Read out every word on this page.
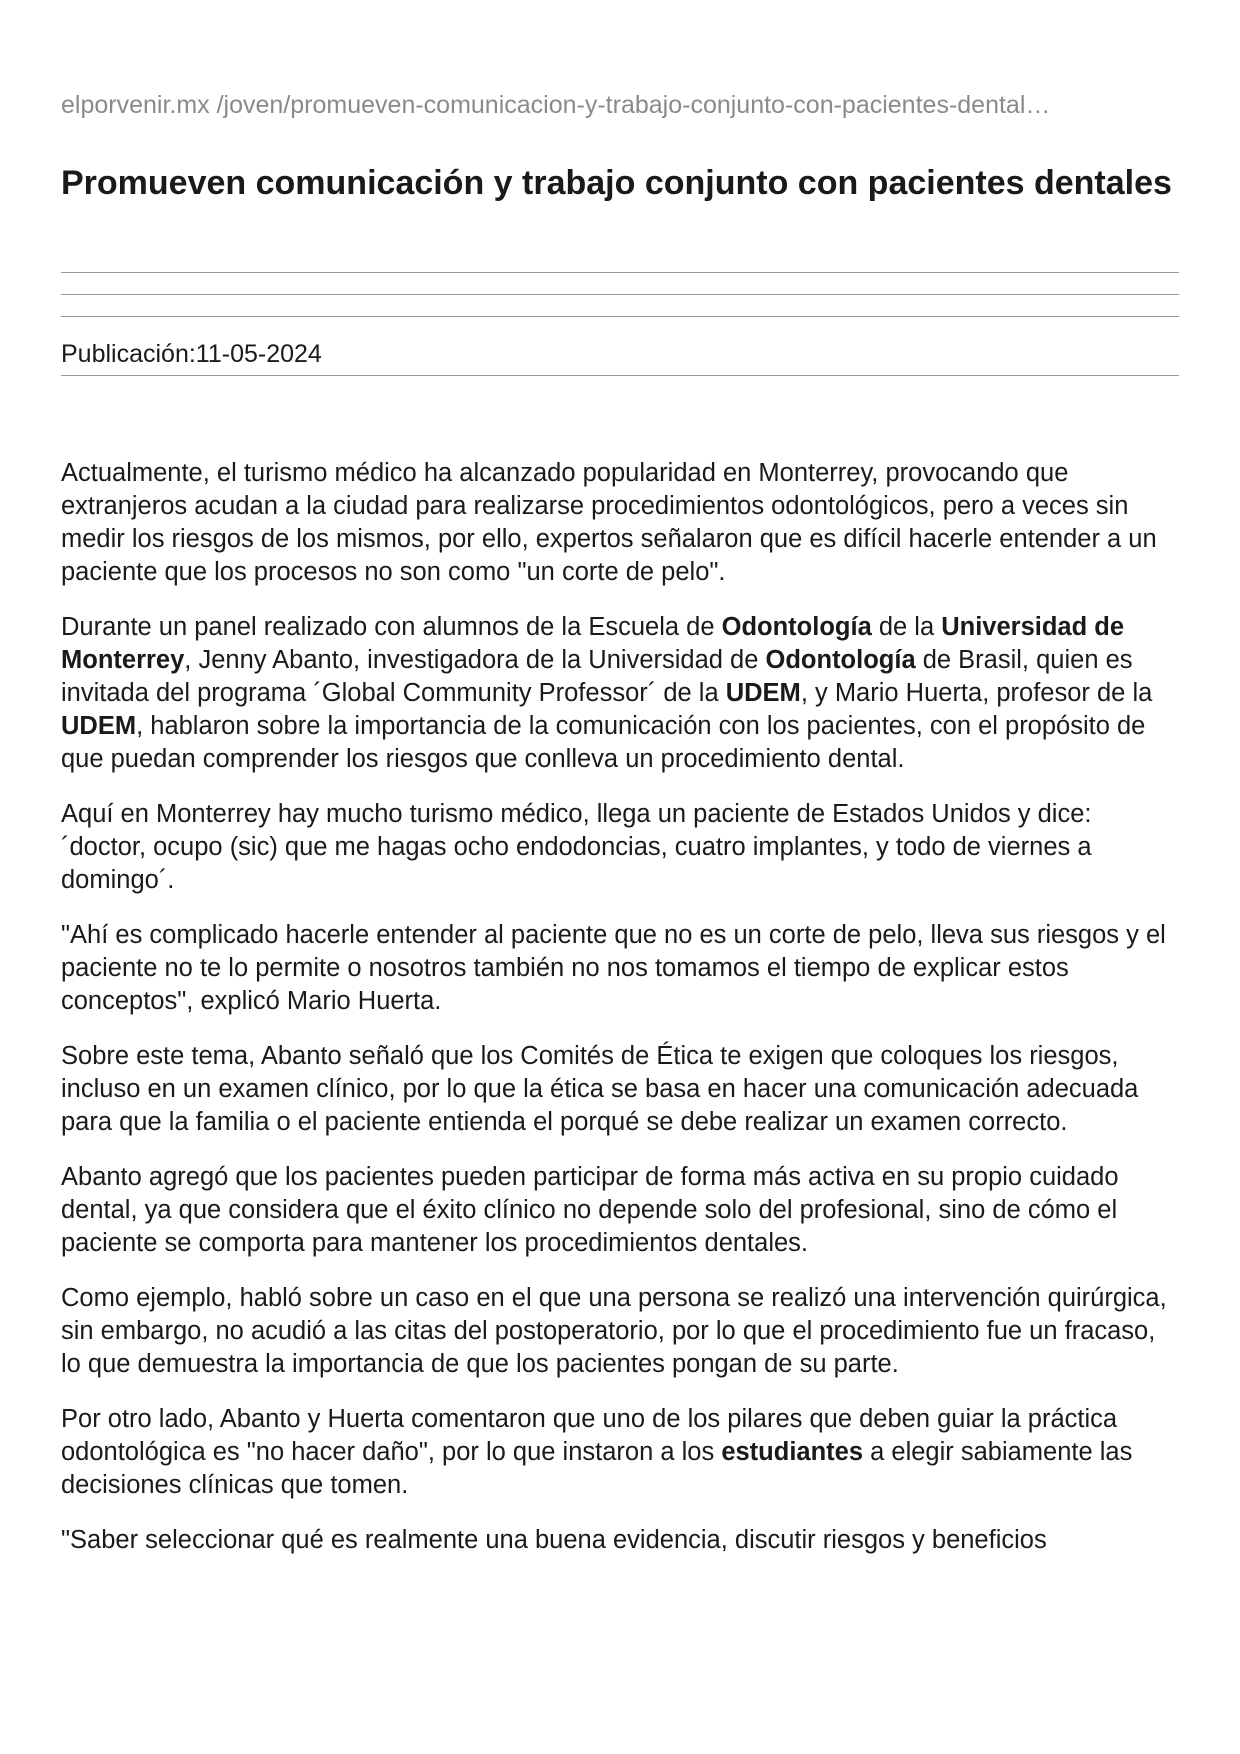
elporvenir.mx /joven/promueven-comunicacion-y-trabajo-conjunto-con-pacientes-dental…
Promueven comunicación y trabajo conjunto con pacientes dentales
Publicación:11-05-2024

Actualmente, el turismo médico ha alcanzado popularidad en Monterrey, provocando que extranjeros acudan a la ciudad para realizarse procedimientos odontológicos, pero a veces sin medir los riesgos de los mismos, por ello, expertos señalaron que es difícil hacerle entender a un paciente que los procesos no son como "un corte de pelo".

Durante un panel realizado con alumnos de la Escuela de Odontología de la Universidad de Monterrey, Jenny Abanto, investigadora de la Universidad de Odontología de Brasil, quien es invitada del programa ´Global Community Professor´ de la UDEM, y Mario Huerta, profesor de la UDEM, hablaron sobre la importancia de la comunicación con los pacientes, con el propósito de que puedan comprender los riesgos que conlleva un procedimiento dental.

Aquí en Monterrey hay mucho turismo médico, llega un paciente de Estados Unidos y dice: ´doctor, ocupo (sic) que me hagas ocho endodoncias, cuatro implantes, y todo de viernes a domingo´.

"Ahí es complicado hacerle entender al paciente que no es un corte de pelo, lleva sus riesgos y el paciente no te lo permite o nosotros también no nos tomamos el tiempo de explicar estos conceptos", explicó Mario Huerta.

Sobre este tema, Abanto señaló que los Comités de Ética te exigen que coloques los riesgos, incluso en un examen clínico, por lo que la ética se basa en hacer una comunicación adecuada para que la familia o el paciente entienda el porqué se debe realizar un examen correcto.

Abanto agregó que los pacientes pueden participar de forma más activa en su propio cuidado dental, ya que considera que el éxito clínico no depende solo del profesional, sino de cómo el paciente se comporta para mantener los procedimientos dentales.

Como ejemplo, habló sobre un caso en el que una persona se realizó una intervención quirúrgica, sin embargo, no acudió a las citas del postoperatorio, por lo que el procedimiento fue un fracaso, lo que demuestra la importancia de que los pacientes pongan de su parte.

Por otro lado, Abanto y Huerta comentaron que uno de los pilares que deben guiar la práctica odontológica es "no hacer daño", por lo que instaron a los estudiantes a elegir sabiamente las decisiones clínicas que tomen.

"Saber seleccionar qué es realmente una buena evidencia, discutir riesgos y beneficios
